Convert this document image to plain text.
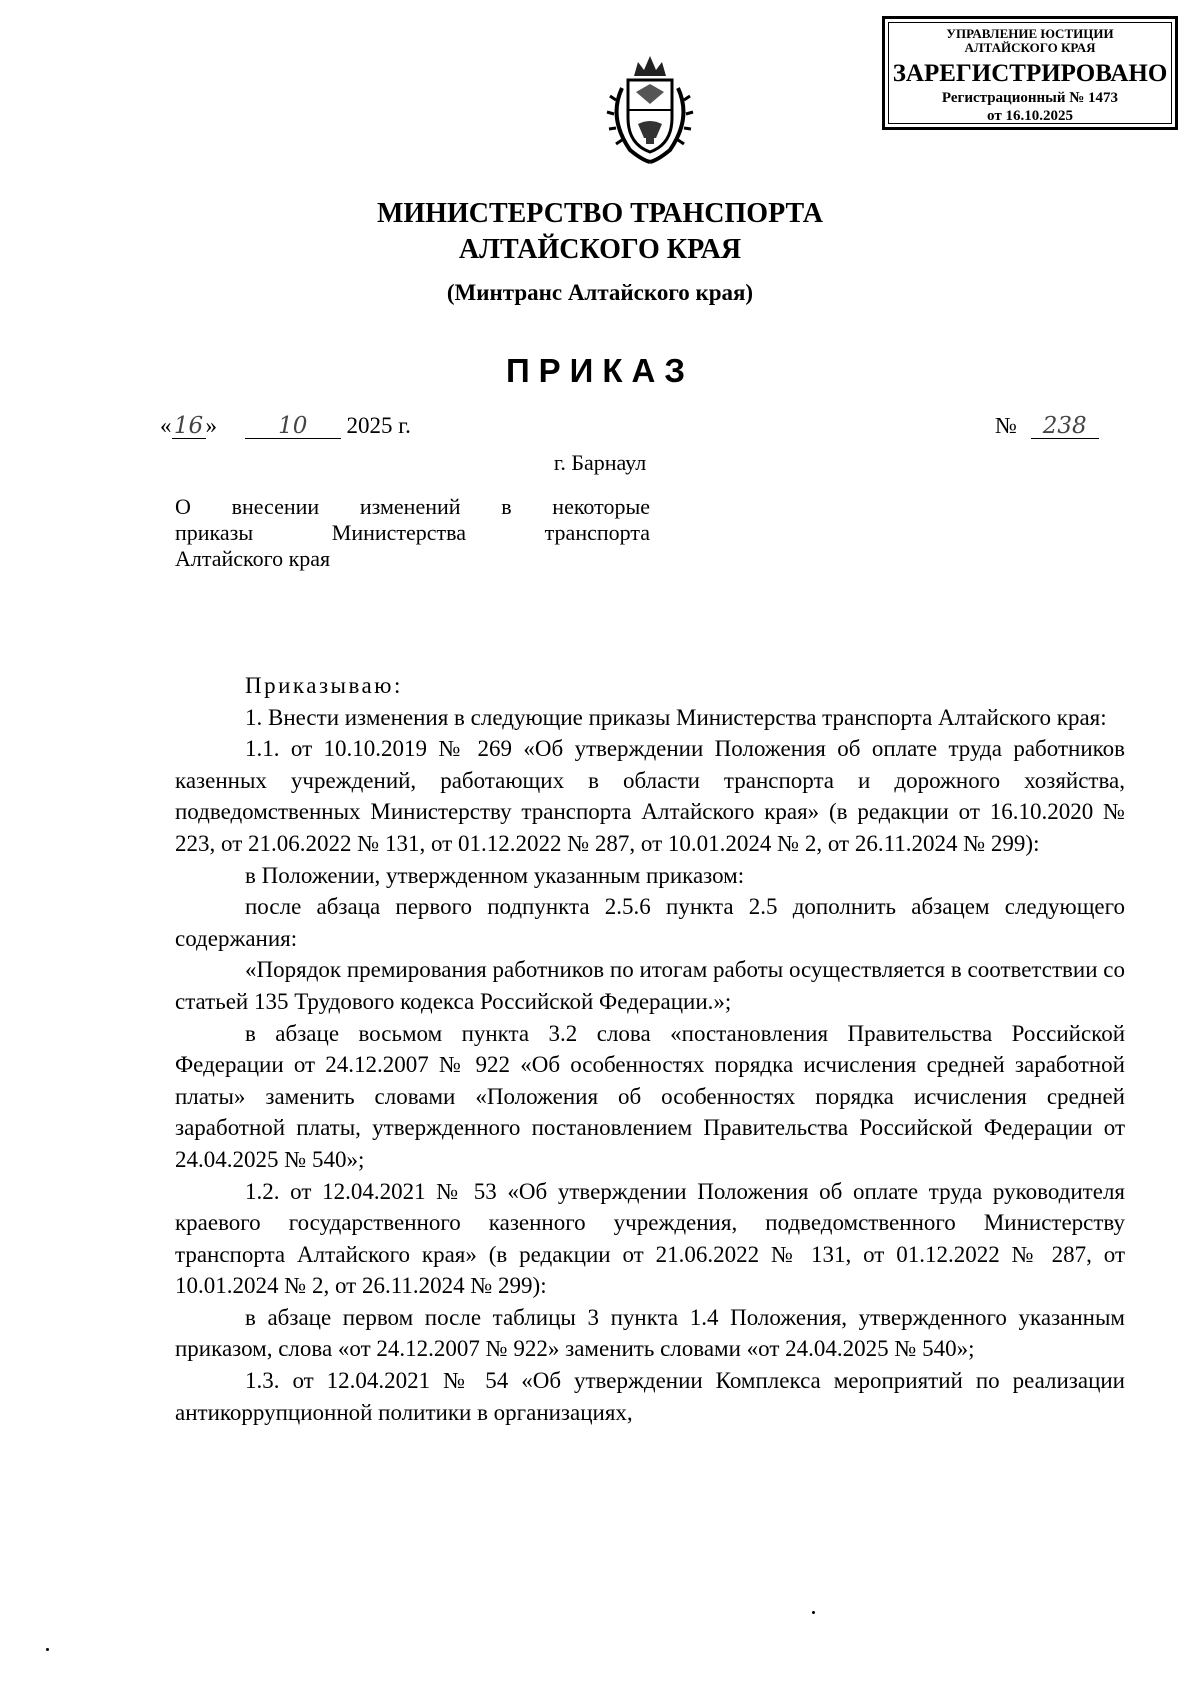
УПРАВЛЕНИЕ ЮСТИЦИИ
АЛТАЙСКОГО КРАЯ
ЗАРЕГИСТРИРОВАНО
Регистрационный № 1473
от 16.10.2025
МИНИСТЕРСТВО ТРАНСПОРТА
АЛТАЙСКОГО КРАЯ
(Минтранс Алтайского края)
ПРИКАЗ
« 16 »	10 2025 г.	№ 238
г. Барнаул
О внесении изменений в некоторые
приказы Министерства транспорта
Алтайского края

Приказываю:

1. Внести изменения в следующие приказы Министерства транспорта Алтайского края:

1.1. от 10.10.2019 № 269 «Об утверждении Положения об оплате труда работников казенных учреждений, работающих в области транспорта и дорожного хозяйства, подведомственных Министерству транспорта Алтайского края» (в редакции от 16.10.2020 № 223, от 21.06.2022 № 131, от 01.12.2022 № 287, от 10.01.2024 № 2, от 26.11.2024 № 299):

в Положении, утвержденном указанным приказом:

после абзаца первого подпункта 2.5.6 пункта 2.5 дополнить абзацем следующего содержания:

«Порядок премирования работников по итогам работы осуществляется в соответствии со статьей 135 Трудового кодекса Российской Федерации.»;

в абзаце восьмом пункта 3.2 слова «постановления Правительства Российской Федерации от 24.12.2007 № 922 «Об особенностях порядка исчисления средней заработной платы» заменить словами «Положения об особенностях порядка исчисления средней заработной платы, утвержденного постановлением Правительства Российской Федерации от 24.04.2025 № 540»;

1.2. от 12.04.2021 № 53 «Об утверждении Положения об оплате труда руководителя краевого государственного казенного учреждения, подведомственного Министерству транспорта Алтайского края» (в редакции от 21.06.2022 № 131, от 01.12.2022 № 287, от 10.01.2024 № 2, от 26.11.2024 № 299):

в абзаце первом после таблицы 3 пункта 1.4 Положения, утвержденного указанным приказом, слова «от 24.12.2007 № 922» заменить словами «от 24.04.2025 № 540»;

1.3. от 12.04.2021 № 54 «Об утверждении Комплекса мероприятий по реализации антикоррупционной политики в организациях,
